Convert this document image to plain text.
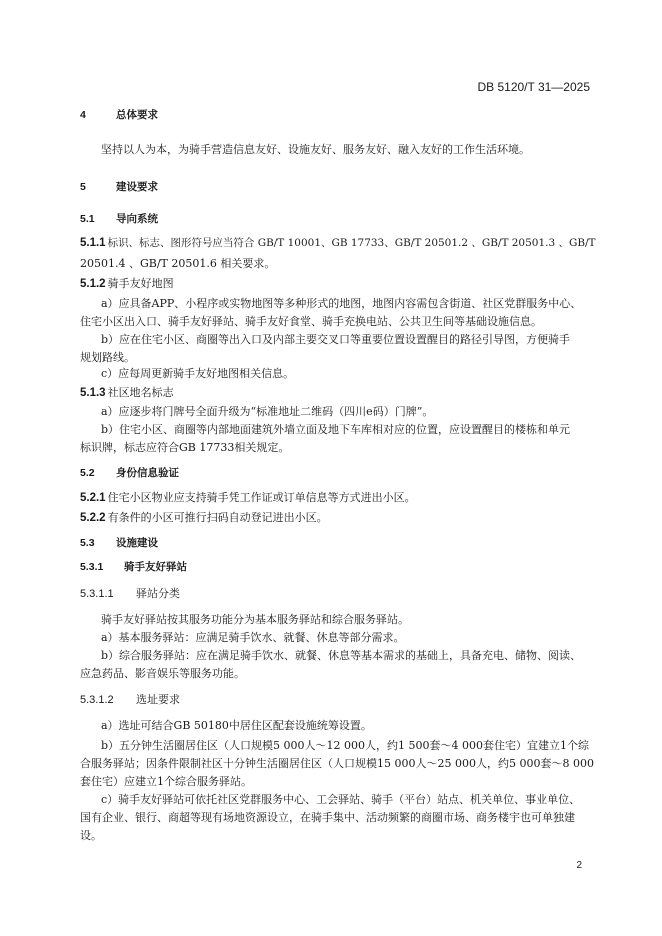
DB 5120/T 31—2025
4	总体要求
坚持以人为本，为骑手营造信息友好、设施友好、服务友好、融入友好的工作生活环境。
5	建设要求
5.1 导向系统
5.1.1 标识、标志、图形符号应当符合 GB/T 10001、GB 17733、GB/T 20501.2 、GB/T 20501.3 、GB/T
20501.4 、GB/T 20501.6 相关要求。
5.1.2 骑手友好地图
a）应具备APP、小程序或实物地图等多种形式的地图，地图内容需包含街道、社区党群服务中心、
住宅小区出入口、骑手友好驿站、骑手友好食堂、骑手充换电站、公共卫生间等基础设施信息。
b）应在住宅小区、商圈等出入口及内部主要交叉口等重要位置设置醒目的路径引导图，方便骑手
规划路线。
c）应每周更新骑手友好地图相关信息。
5.1.3 社区地名标志
a）应逐步将门牌号全面升级为“标准地址二维码（四川e码）门牌”。
b）住宅小区、商圈等内部地面建筑外墙立面及地下车库相对应的位置，应设置醒目的楼栋和单元
标识牌，标志应符合GB 17733相关规定。
5.2 身份信息验证
5.2.1 住宅小区物业应支持骑手凭工作证或订单信息等方式进出小区。
5.2.2 有条件的小区可推行扫码自动登记进出小区。
5.3 设施建设
5.3.1 骑手友好驿站
5.3.1.1 驿站分类
骑手友好驿站按其服务功能分为基本服务驿站和综合服务驿站。
a）基本服务驿站：应满足骑手饮水、就餐、休息等部分需求。
b）综合服务驿站：应在满足骑手饮水、就餐、休息等基本需求的基础上，具备充电、储物、阅读、
应急药品、影音娱乐等服务功能。
5.3.1.2 选址要求
a）选址可结合GB 50180中居住区配套设施统筹设置。
b）五分钟生活圈居住区（人口规模5 000人～12 000人，约1 500套～4 000套住宅）宜建立1个综
合服务驿站；因条件限制社区十分钟生活圈居住区（人口规模15 000人～25 000人，约5 000套～8 000
套住宅）应建立1个综合服务驿站。
c）骑手友好驿站可依托社区党群服务中心、工会驿站、骑手（平台）站点、机关单位、事业单位、
国有企业、银行、商超等现有场地资源设立，在骑手集中、活动频繁的商圈市场、商务楼宇也可单独建
设。
2
